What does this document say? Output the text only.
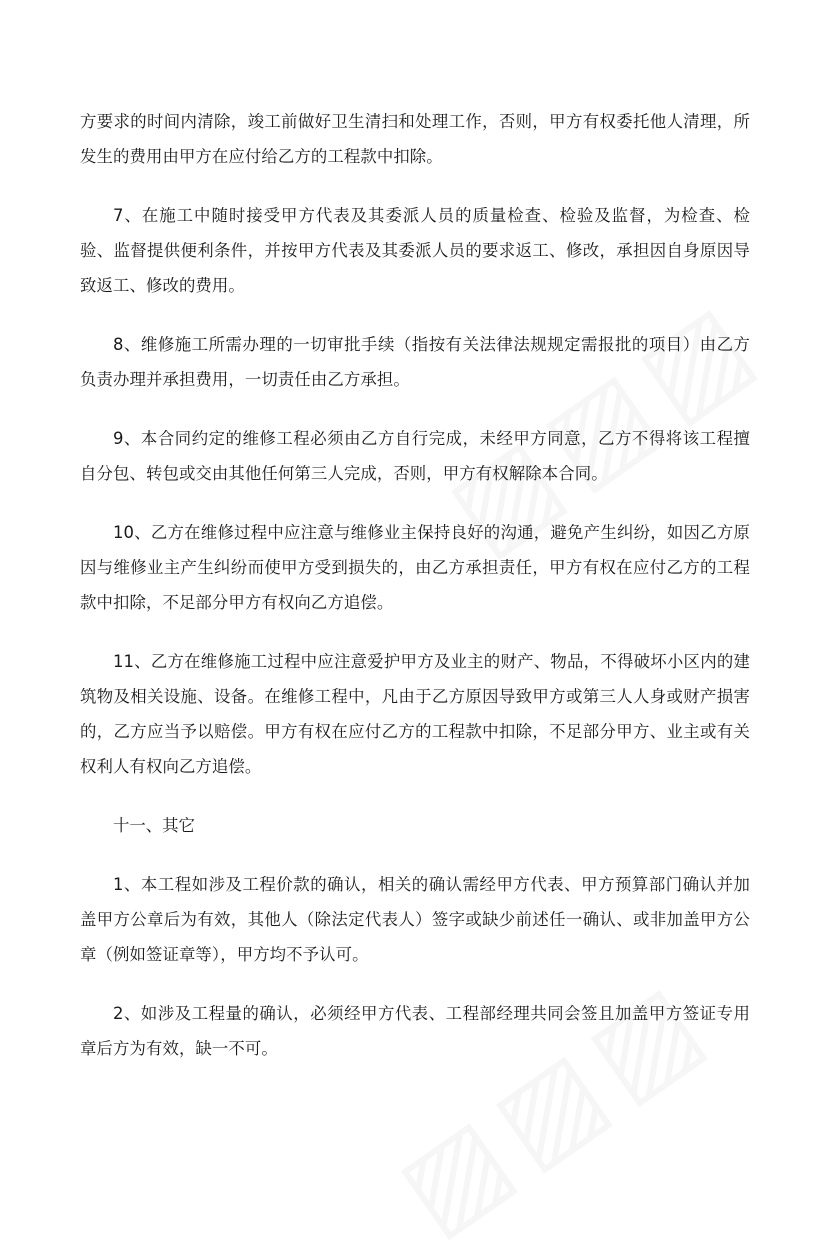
方要求的时间内清除，竣工前做好卫生清扫和处理工作，否则，甲方有权委托他人清理，所发生的费用由甲方在应付给乙方的工程款中扣除。

7、在施工中随时接受甲方代表及其委派人员的质量检查、检验及监督，为检查、检验、监督提供便利条件，并按甲方代表及其委派人员的要求返工、修改，承担因自身原因导致返工、修改的费用。

8、维修施工所需办理的一切审批手续（指按有关法律法规规定需报批的项目）由乙方负责办理并承担费用，一切责任由乙方承担。

9、本合同约定的维修工程必须由乙方自行完成，未经甲方同意，乙方不得将该工程擅自分包、转包或交由其他任何第三人完成，否则，甲方有权解除本合同。

10、乙方在维修过程中应注意与维修业主保持良好的沟通，避免产生纠纷，如因乙方原因与维修业主产生纠纷而使甲方受到损失的，由乙方承担责任，甲方有权在应付乙方的工程款中扣除，不足部分甲方有权向乙方追偿。

11、乙方在维修施工过程中应注意爱护甲方及业主的财产、物品，不得破坏小区内的建筑物及相关设施、设备。在维修工程中，凡由于乙方原因导致甲方或第三人人身或财产损害的，乙方应当予以赔偿。甲方有权在应付乙方的工程款中扣除，不足部分甲方、业主或有关权利人有权向乙方追偿。

十一、其它

1、本工程如涉及工程价款的确认，相关的确认需经甲方代表、甲方预算部门确认并加盖甲方公章后为有效，其他人（除法定代表人）签字或缺少前述任一确认、或非加盖甲方公章（例如签证章等），甲方均不予认可。

2、如涉及工程量的确认，必须经甲方代表、工程部经理共同会签且加盖甲方签证专用章后方为有效，缺一不可。
